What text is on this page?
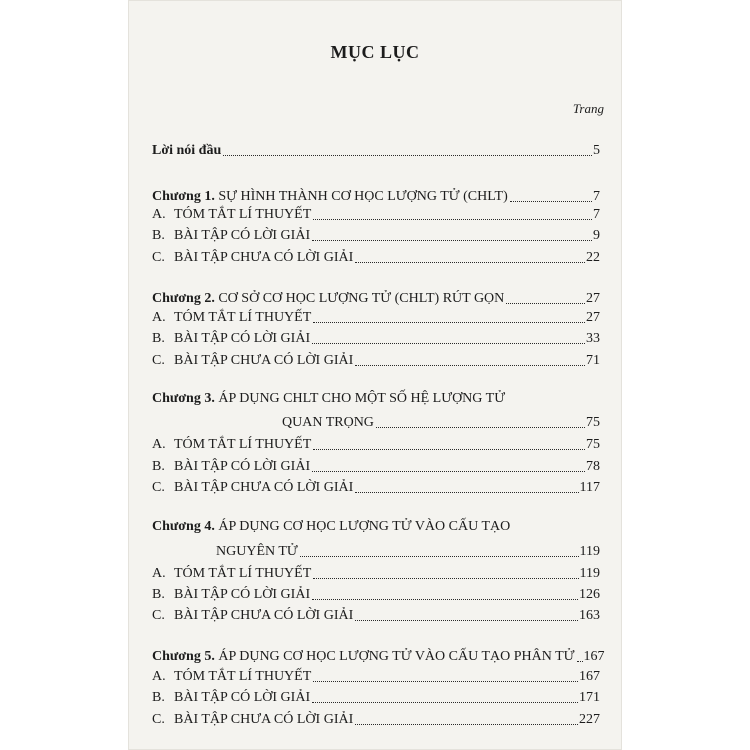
MỤC LỤC
Trang
Lời nói đầu	5
Chương 1. SỰ HÌNH THÀNH CƠ HỌC LƯỢNG TỬ (CHLT)	7
A. TÓM TẮT LÍ THUYẾT	7
B. BÀI TẬP CÓ LỜI GIẢI	9
C. BÀI TẬP CHƯA CÓ LỜI GIẢI	22
Chương 2. CƠ SỞ CƠ HỌC LƯỢNG TỬ (CHLT) RÚT GỌN	27
A. TÓM TẮT LÍ THUYẾT	27
B. BÀI TẬP CÓ LỜI GIẢI	33
C. BÀI TẬP CHƯA CÓ LỜI GIẢI	71
Chương 3. ÁP DỤNG CHLT CHO MỘT SỐ HỆ LƯỢNG TỬ
QUAN TRỌNG	75
A. TÓM TẮT LÍ THUYẾT	75
B. BÀI TẬP CÓ LỜI GIẢI	78
C. BÀI TẬP CHƯA CÓ LỜI GIẢI	117
Chương 4. ÁP DỤNG CƠ HỌC LƯỢNG TỬ VÀO CẤU TẠO
NGUYÊN TỬ	119
A. TÓM TẮT LÍ THUYẾT	119
B. BÀI TẬP CÓ LỜI GIẢI	126
C. BÀI TẬP CHƯA CÓ LỜI GIẢI	163
Chương 5. ÁP DỤNG CƠ HỌC LƯỢNG TỬ VÀO CẤU TẠO PHÂN TỬ 167
A. TÓM TẮT LÍ THUYẾT	167
B. BÀI TẬP CÓ LỜI GIẢI	171
C. BÀI TẬP CHƯA CÓ LỜI GIẢI	227
